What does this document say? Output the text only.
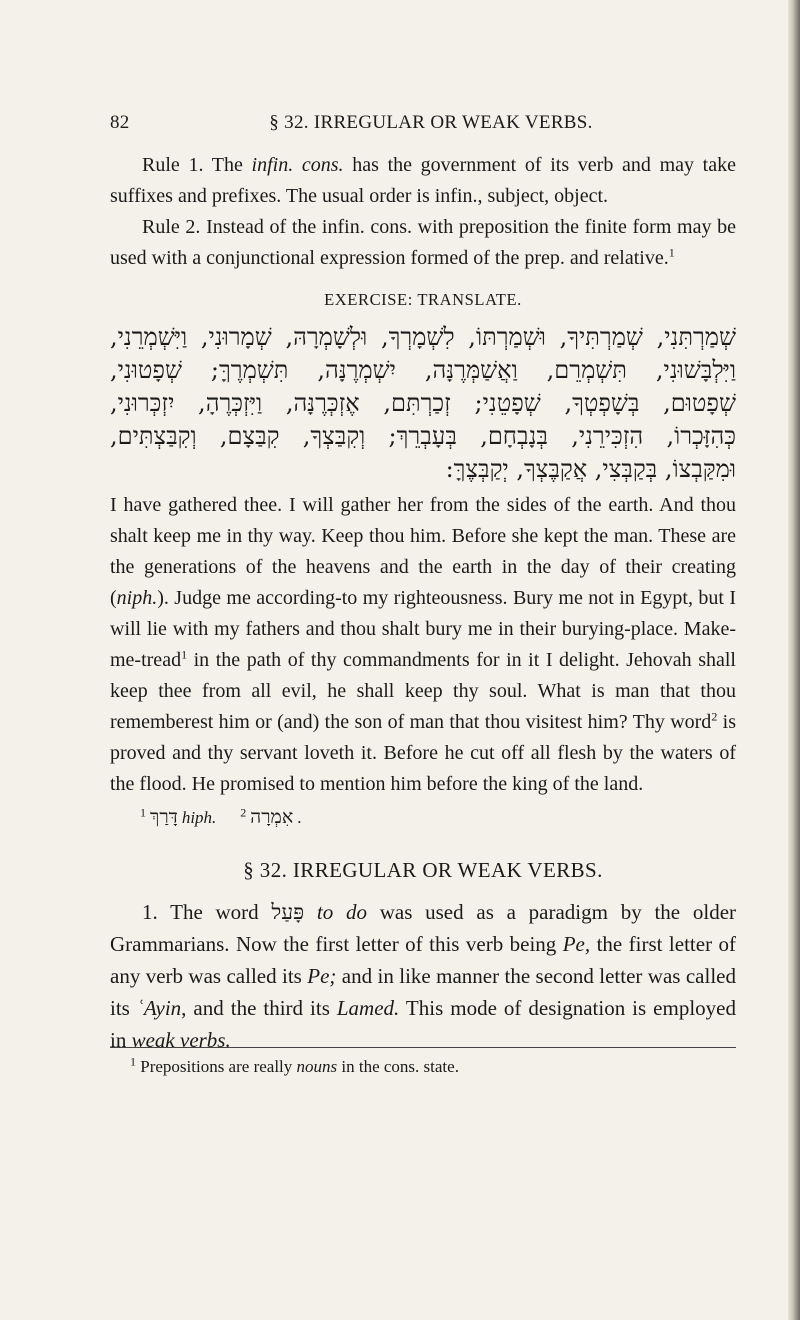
82	§ 32. IRREGULAR OR WEAK VERBS.

Rule 1. The infin. cons. has the government of its verb and may take suffixes and prefixes. The usual order is infin., subject, object.

Rule 2. Instead of the infin. cons. with preposition the finite form may be used with a conjunctional expression formed of the prep. and relative.$^1$

EXERCISE: TRANSLATE.
שְׁמַרְתִּנִי, שְׁמַרְתִּיךָ, וּשְׁמַרְתּוֹ, לִשְׁמָרְךָ, וּלְשָׁמְרָהּ, שְׁמָרוּנִי, וַיִּשְׁמְרֵנִי,
וַיִּלְבָּשׁוּנִי, תִּשְׁמְרֵם, וַאֲשַׁמְּרֶנָּה, יִשְׁמְרֶנָּה, תִּשְׁמְרֶךָּ; שְׁפָטוּנִי,
שְׁפָטוּם, בְּשָׁפְטְךָ, שְׁפָטֵנִי; זְכַרְתִּם, אֶזְכְּרֶנָּה, וַיִּזְכְּרֶהָ, יִזְכְּרוּנִי,
כְּהִזָּכְרוֹ, הִזְכִּירֵנִי, בְּנָבְחָם, בְּעָבְרֵךְ; וְקִבַּצְךָ, קִבַּצָם, וְקִבַּצְתִּים,
וּמִקַּבְצוֹ, בְּקַבְּצִי, אֲקַבֶּצְךָ, יְקַבְּצֶךָּ:

I have gathered thee. I will gather her from the sides of the earth. And thou shalt keep me in thy way. Keep thou him. Before she kept the man. These are the generations of the heavens and the earth in the day of their creating (niph.). Judge me according-to my righteousness. Bury me not in Egypt, but I will lie with my fathers and thou shalt bury me in their burying-place. Make-me-tread$^1$ in the path of thy commandments for in it I delight. Jehovah shall keep thee from all evil, he shall keep thy soul. What is man that thou rememberest him or (and) the son of man that thou visitest him? Thy word$^2$ is proved and thy servant loveth it. Before he cut off all flesh by the waters of the flood. He promised to mention him before the king of the land.

$^1$ דָּרַךְ hiph. $^2$ אִמְרָה .
§ 32. IRREGULAR OR WEAK VERBS.

1. The word פָּעַל to do was used as a paradigm by the older Grammarians. Now the first letter of this verb being Pe, the first letter of any verb was called its Pe; and in like manner the second letter was called its ʿAyin, and the third its Lamed. This mode of designation is employed in weak verbs.

$^1$ Prepositions are really nouns in the cons. state.
